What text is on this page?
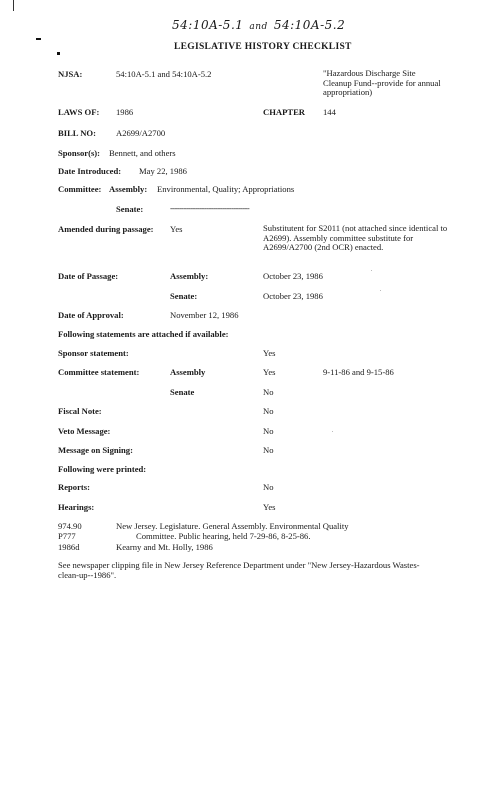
54:10A-5.1 and 54:10A-5.2
LEGISLATIVE HISTORY CHECKLIST
NJSA:	54:10A-5.1 and 54:10A-5.2	"Hazardous Discharge Site Cleanup Fund--provide for annual appropriation)
LAWS OF: 1986	CHAPTER 144
BILL NO: A2699/A2700
Sponsor(s): Bennett, and others
Date Introduced: May 22, 1986
Committee: Assembly: Environmental, Quality; Appropriations
Senate:	-----------------------------------
Amended during passage: Yes	Substitutent for S2011 (not attached since identical to A2699). Assembly committee substitute for A2699/A2700 (2nd OCR) enacted.
Date of Passage:	Assembly:	October 23, 1986
Senate:	October 23, 1986
Date of Approval:	November 12, 1986
Following statements are attached if available:
Sponsor statement:	Yes
Committee statement:	Assembly	Yes	9-11-86 and 9-15-86
Senate	No
Fiscal Note:	No
Veto Message:	No
Message on Signing:	No
Following were printed:
Reports:	No
Hearings:	Yes
974.90	New Jersey. Legislature. General Assembly. Environmental Quality
P777	Committee. Public hearing, held 7-29-86, 8-25-86.
1986d	Kearny and Mt. Holly, 1986
See newspaper clipping file in New Jersey Reference Department under "New Jersey-Hazardous Wastes-clean-up--1986".
